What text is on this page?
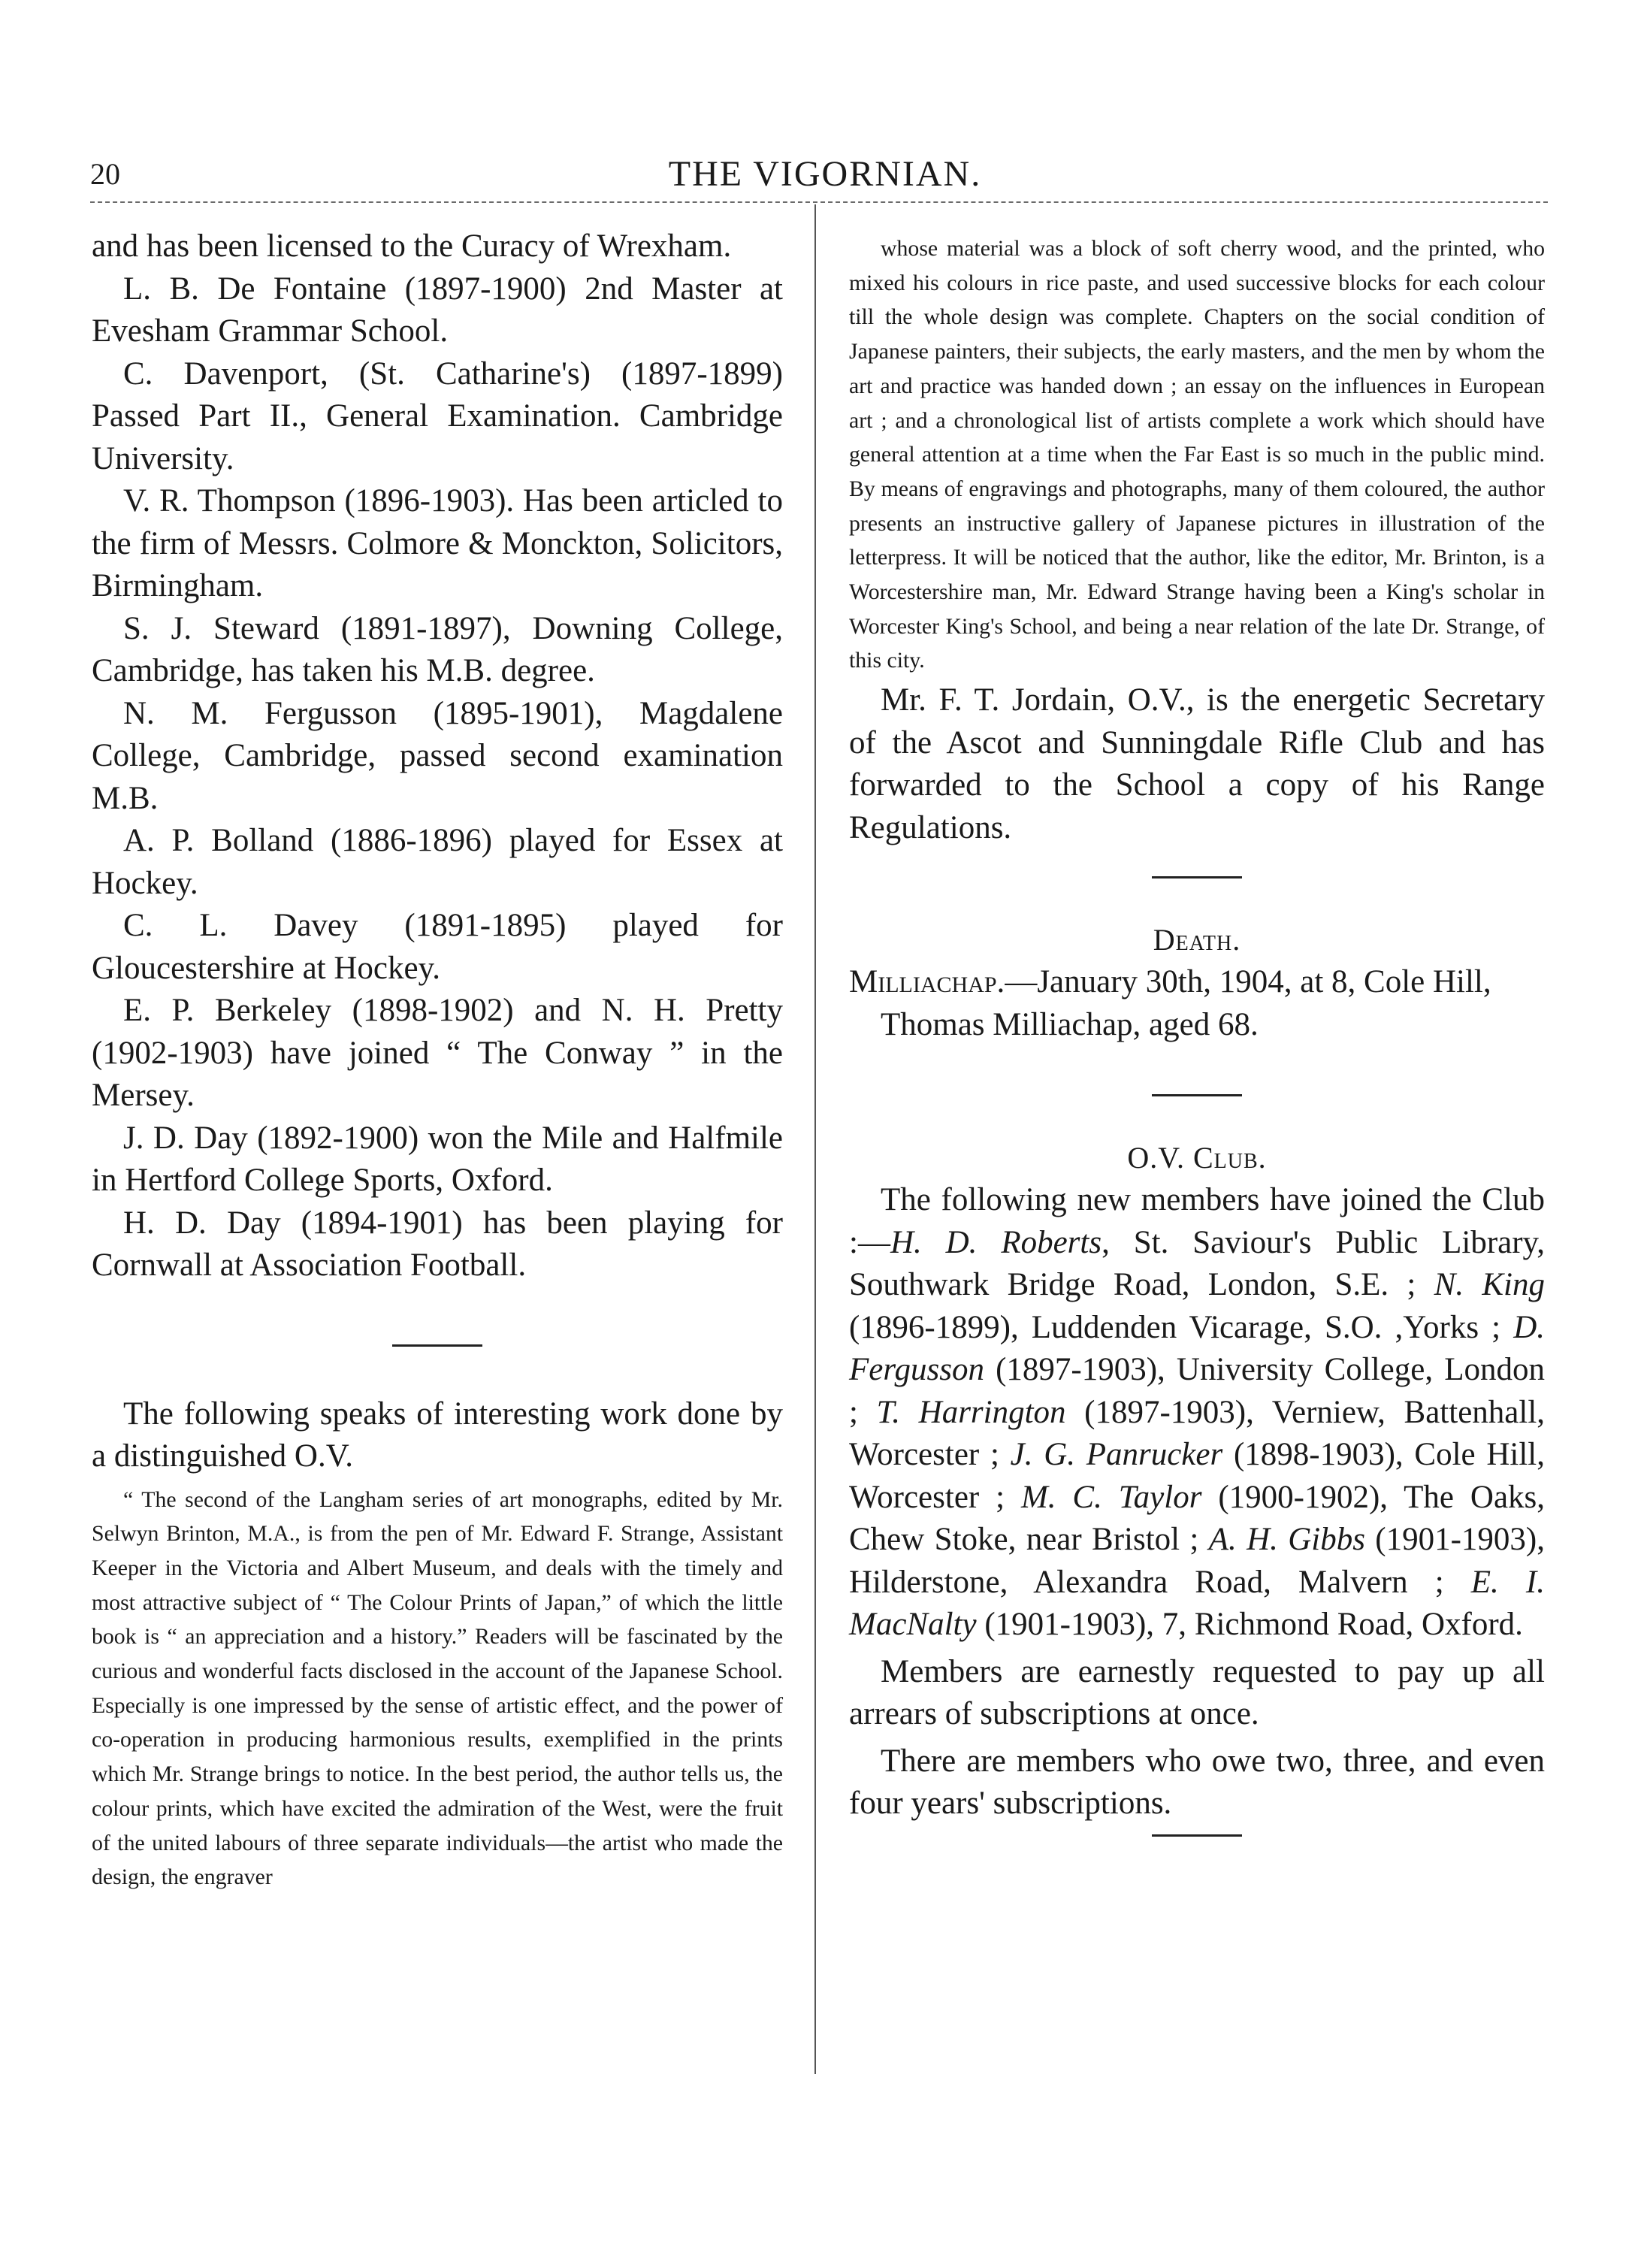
20	THE VIGORNIAN.

and has been licensed to the Curacy of Wrexham.

L. B. De Fontaine (1897-1900) 2nd Master at Evesham Grammar School.

C. Davenport, (St. Catharine's) (1897-1899) Passed Part II., General Examination. Cambridge University.

V. R. Thompson (1896-1903). Has been articled to the firm of Messrs. Colmore & Monckton, Solicitors, Birmingham.

S. J. Steward (1891-1897), Downing College, Cambridge, has taken his M.B. degree.

N. M. Fergusson (1895-1901), Magdalene College, Cambridge, passed second examination M.B.

A. P. Bolland (1886-1896) played for Essex at Hockey.

C. L. Davey (1891-1895) played for Gloucestershire at Hockey.

E. P. Berkeley (1898-1902) and N. H. Pretty (1902-1903) have joined “ The Conway ” in the Mersey.

J. D. Day (1892-1900) won the Mile and Halfmile in Hertford College Sports, Oxford.

H. D. Day (1894-1901) has been playing for Cornwall at Association Football.

The following speaks of interesting work done by a distinguished O.V.

“ The second of the Langham series of art monographs, edited by Mr. Selwyn Brinton, M.A., is from the pen of Mr. Edward F. Strange, Assistant Keeper in the Victoria and Albert Museum, and deals with the timely and most attractive subject of “ The Colour Prints of Japan,” of which the little book is “ an appreciation and a history.” Readers will be fascinated by the curious and wonderful facts disclosed in the account of the Japanese School. Especially is one impressed by the sense of artistic effect, and the power of co-operation in producing harmonious results, exemplified in the prints which Mr. Strange brings to notice. In the best period, the author tells us, the colour prints, which have excited the admiration of the West, were the fruit of the united labours of three separate individuals—the artist who made the design, the engraver

whose material was a block of soft cherry wood, and the printed, who mixed his colours in rice paste, and used successive blocks for each colour till the whole design was complete. Chapters on the social condition of Japanese painters, their subjects, the early masters, and the men by whom the art and practice was handed down ; an essay on the influences in European art ; and a chronological list of artists complete a work which should have general attention at a time when the Far East is so much in the public mind. By means of engravings and photographs, many of them coloured, the author presents an instructive gallery of Japanese pictures in illustration of the letterpress. It will be noticed that the author, like the editor, Mr. Brinton, is a Worcestershire man, Mr. Edward Strange having been a King's scholar in Worcester King's School, and being a near relation of the late Dr. Strange, of this city.

Mr. F. T. Jordain, O.V., is the energetic Secretary of the Ascot and Sunningdale Rifle Club and has forwarded to the School a copy of his Range Regulations.

Death.

Milliachap.—January 30th, 1904, at 8, Cole Hill, Thomas Milliachap, aged 68.

O.V. Club.

The following new members have joined the Club :—H. D. Roberts, St. Saviour's Public Library, Southwark Bridge Road, London, S.E. ; N. King (1896-1899), Luddenden Vicarage, S.O. ,Yorks ; D. Fergusson (1897-1903), University College, London ; T. Harrington (1897-1903), Verniew, Battenhall, Worcester ; J. G. Panrucker (1898-1903), Cole Hill, Worcester ; M. C. Taylor (1900-1902), The Oaks, Chew Stoke, near Bristol ; A. H. Gibbs (1901-1903), Hilderstone, Alexandra Road, Malvern ; E. I. MacNalty (1901-1903), 7, Richmond Road, Oxford.

Members are earnestly requested to pay up all arrears of subscriptions at once.

There are members who owe two, three, and even four years' subscriptions.
